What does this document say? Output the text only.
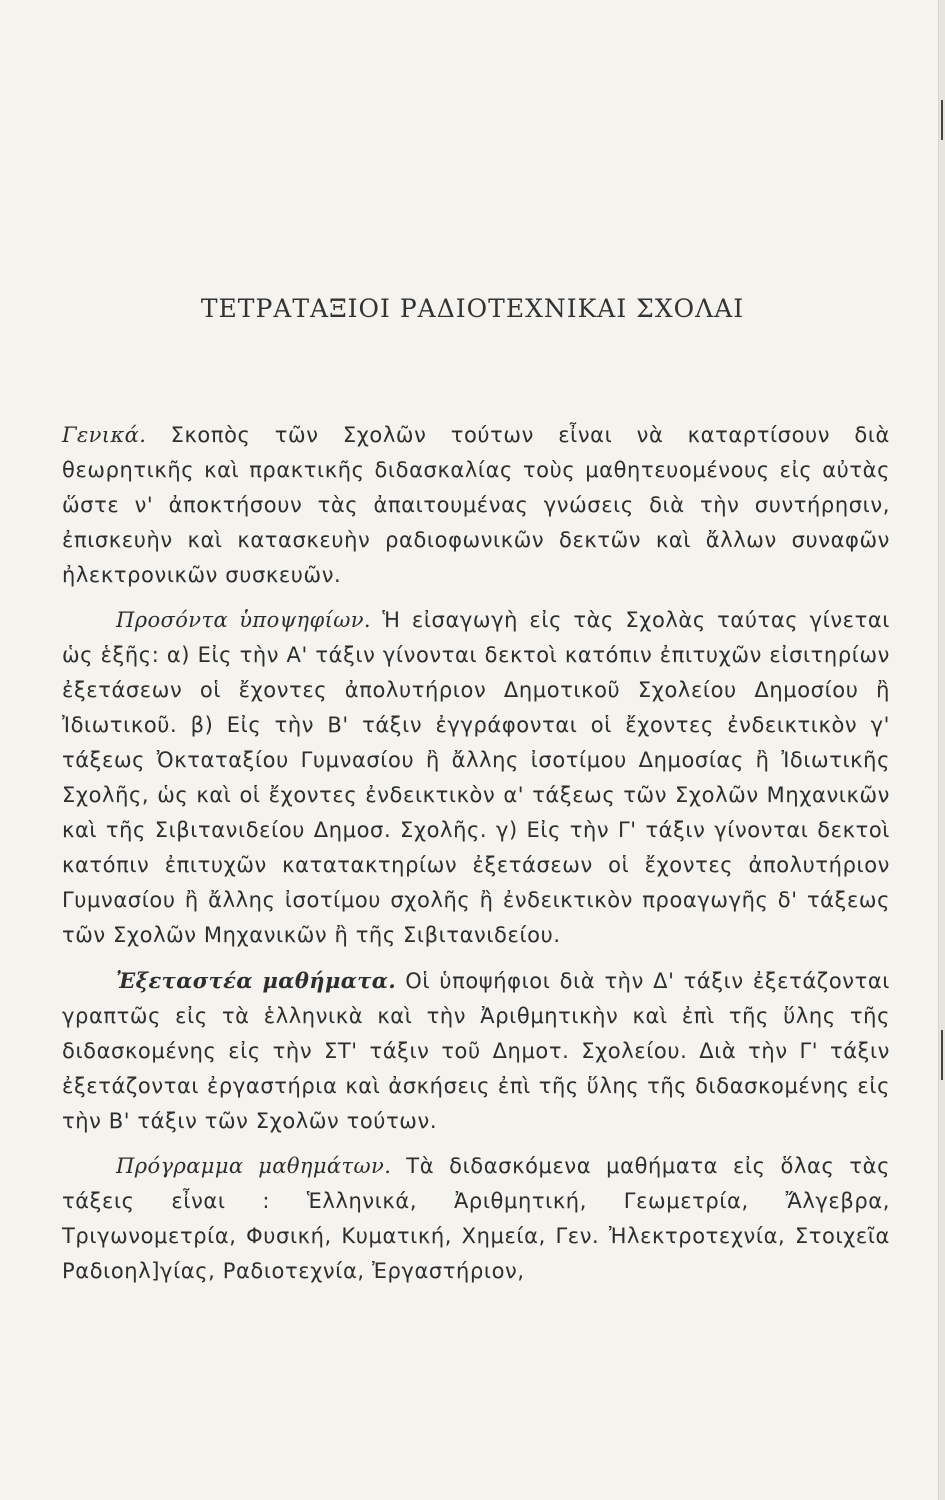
ΤΕΤΡΑΤΑΞΙΟΙ ΡΑΔΙΟΤΕΧΝΙΚΑΙ ΣΧΟΛΑΙ

Γενικά. Σκοπὸς τῶν Σχολῶν τούτων εἶναι νὰ καταρτίσουν διὰ θεωρητικῆς καὶ πρακτικῆς διδασκαλίας τοὺς μαθητευομένους εἰς αὐτὰς ὥστε ν' ἀποκτήσουν τὰς ἀπαιτουμένας γνώσεις διὰ τὴν συντήρησιν, ἐπισκευὴν καὶ κατασκευὴν ραδιοφωνικῶν δεκτῶν καὶ ἄλλων συναφῶν ἠλεκτρονικῶν συσκευῶν.

Προσόντα ὑποψηφίων. Ἡ εἰσαγωγὴ εἰς τὰς Σχολὰς ταύτας γίνεται ὡς ἑξῆς: α) Εἰς τὴν Α' τάξιν γίνονται δεκτοὶ κατόπιν ἐπιτυχῶν εἰσιτηρίων ἐξετάσεων οἱ ἔχοντες ἀπολυτήριον Δημοτικοῦ Σχολείου Δημοσίου ἢ Ἰδιωτικοῦ. β) Εἰς τὴν Β' τάξιν ἐγγράφονται οἱ ἔχοντες ἐνδεικτικὸν γ' τάξεως Ὀκταταξίου Γυμνασίου ἢ ἄλλης ἰσοτίμου Δημοσίας ἢ Ἰδιωτικῆς Σχολῆς, ὡς καὶ οἱ ἔχοντες ἐνδεικτικὸν α' τάξεως τῶν Σχολῶν Μηχανικῶν καὶ τῆς Σιβιτανιδείου Δημοσ. Σχολῆς. γ) Εἰς τὴν Γ' τάξιν γίνονται δεκτοὶ κατόπιν ἐπιτυχῶν κατατακτηρίων ἐξετάσεων οἱ ἔχοντες ἀπολυτήριον Γυμνασίου ἢ ἄλλης ἰσοτίμου σχολῆς ἢ ἐνδεικτικὸν προαγωγῆς δ' τάξεως τῶν Σχολῶν Μηχανικῶν ἢ τῆς Σιβιτανιδείου.

Ἐξεταστέα μαθήματα. Οἱ ὑποψήφιοι διὰ τὴν Δ' τάξιν ἐξετάζονται γραπτῶς εἰς τὰ ἑλληνικὰ καὶ τὴν Ἀριθμητικὴν καὶ ἐπὶ τῆς ὕλης τῆς διδασκομένης εἰς τὴν ΣΤ' τάξιν τοῦ Δημοτ. Σχολείου. Διὰ τὴν Γ' τάξιν ἐξετάζονται ἐργαστήρια καὶ ἀσκήσεις ἐπὶ τῆς ὕλης τῆς διδασκομένης εἰς τὴν Β' τάξιν τῶν Σχολῶν τούτων.

Πρόγραμμα μαθημάτων. Τὰ διδασκόμενα μαθήματα εἰς ὅλας τὰς τάξεις εἶναι : Ἑλληνικά, Ἀριθμητική, Γεωμετρία, Ἄλγεβρα, Τριγωνομετρία, Φυσική, Κυματική, Χημεία, Γεν. Ἠλεκτροτεχνία, Στοιχεῖα Ραδιοηλ]γίας, Ραδιοτεχνία, Ἐργαστήριον,
